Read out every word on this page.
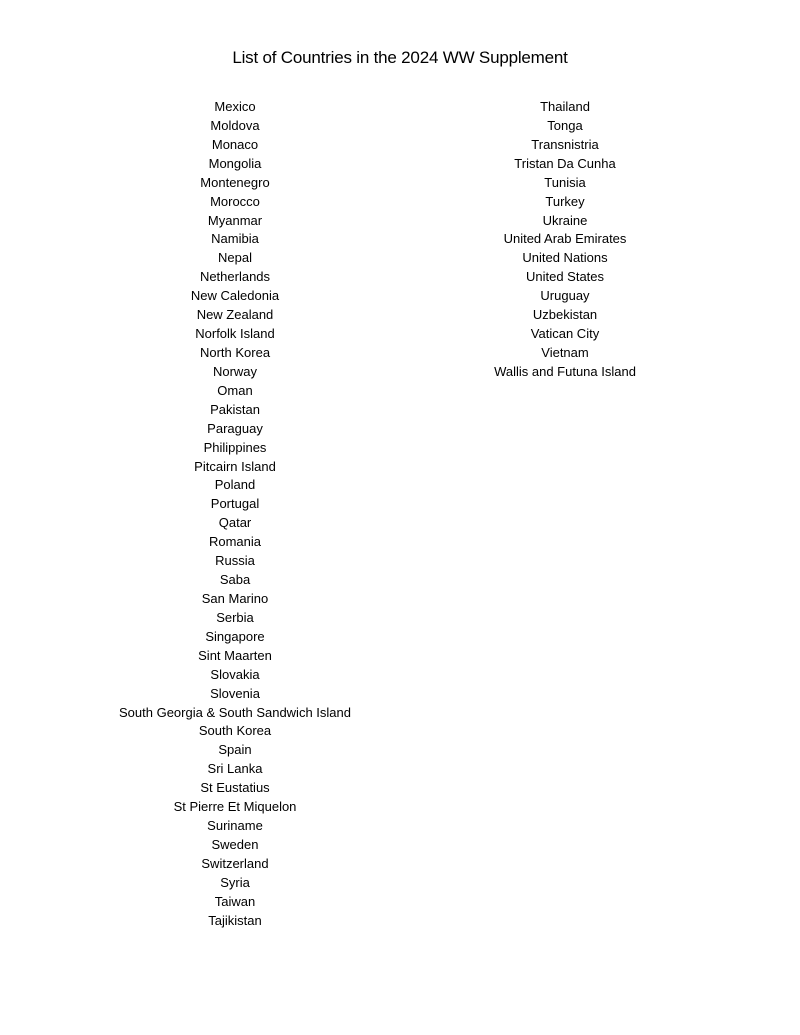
List of Countries in the 2024 WW Supplement
Mexico
Moldova
Monaco
Mongolia
Montenegro
Morocco
Myanmar
Namibia
Nepal
Netherlands
New Caledonia
New Zealand
Norfolk Island
North Korea
Norway
Oman
Pakistan
Paraguay
Philippines
Pitcairn Island
Poland
Portugal
Qatar
Romania
Russia
Saba
San Marino
Serbia
Singapore
Sint Maarten
Slovakia
Slovenia
South Georgia & South Sandwich Island
South Korea
Spain
Sri Lanka
St Eustatius
St Pierre Et Miquelon
Suriname
Sweden
Switzerland
Syria
Taiwan
Tajikistan
Thailand
Tonga
Transnistria
Tristan Da Cunha
Tunisia
Turkey
Ukraine
United Arab Emirates
United Nations
United States
Uruguay
Uzbekistan
Vatican City
Vietnam
Wallis and Futuna Island
